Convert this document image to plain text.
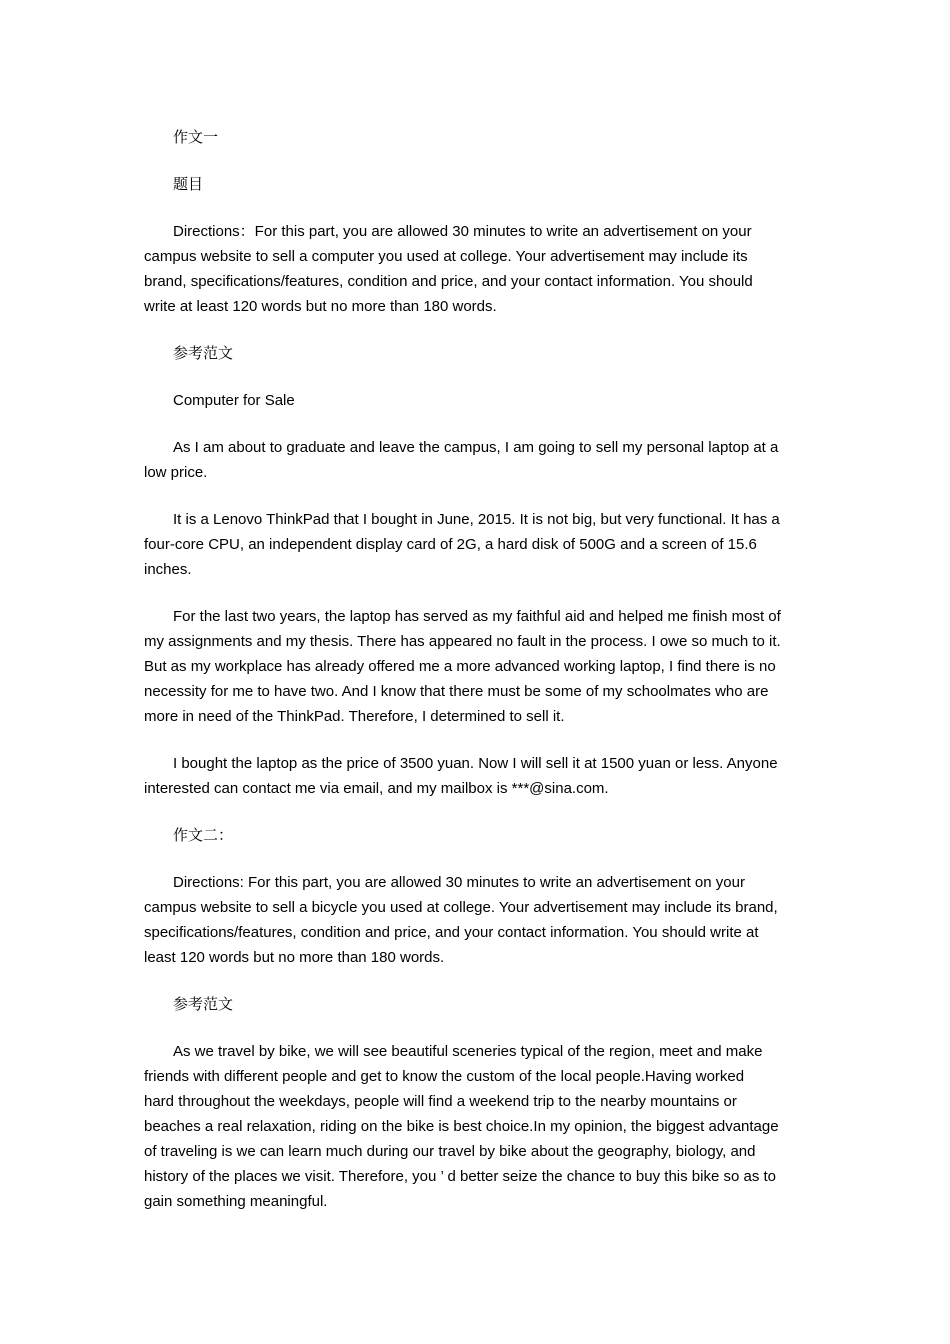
作文一
题目
Directions：For this part, you are allowed 30 minutes to write an advertisement on your
campus website to sell a computer you used at college. Your advertisement may include its
brand, specifications/features, condition and price, and your contact information. You should
write at least 120 words but no more than 180 words.
参考范文
Computer for Sale
As I am about to graduate and leave the campus, I am going to sell my personal laptop at a
low price.
It is a Lenovo ThinkPad that I bought in June, 2015. It is not big, but very functional. It has a
four-core CPU, an independent display card of 2G, a hard disk of 500G and a screen of 15.6
inches.
For the last two years, the laptop has served as my faithful aid and helped me finish most of
my assignments and my thesis. There has appeared no fault in the process. I owe so much to it.
But as my workplace has already offered me a more advanced working laptop, I find there is no
necessity for me to have two. And I know that there must be some of my schoolmates who are
more in need of the ThinkPad. Therefore, I determined to sell it.
I bought the laptop as the price of 3500 yuan. Now I will sell it at 1500 yuan or less. Anyone
interested can contact me via email, and my mailbox is ***@sina.com.
作文二：
Directions: For this part, you are allowed 30 minutes to write an advertisement on your
campus website to sell a bicycle you used at college. Your advertisement may include its brand,
specifications/features, condition and price, and your contact information. You should write at
least 120 words but no more than 180 words.
参考范文
As we travel by bike, we will see beautiful sceneries typical of the region, meet and make
friends with different people and get to know the custom of the local people.Having worked
hard throughout the weekdays, people will find a weekend trip to the nearby mountains or
beaches a real relaxation, riding on the bike is best choice.In my opinion, the biggest advantage
of traveling is we can learn much during our travel by bike about the geography, biology, and
history of the places we visit. Therefore, you ’ d better seize the chance to buy this bike so as to
gain something meaningful.
